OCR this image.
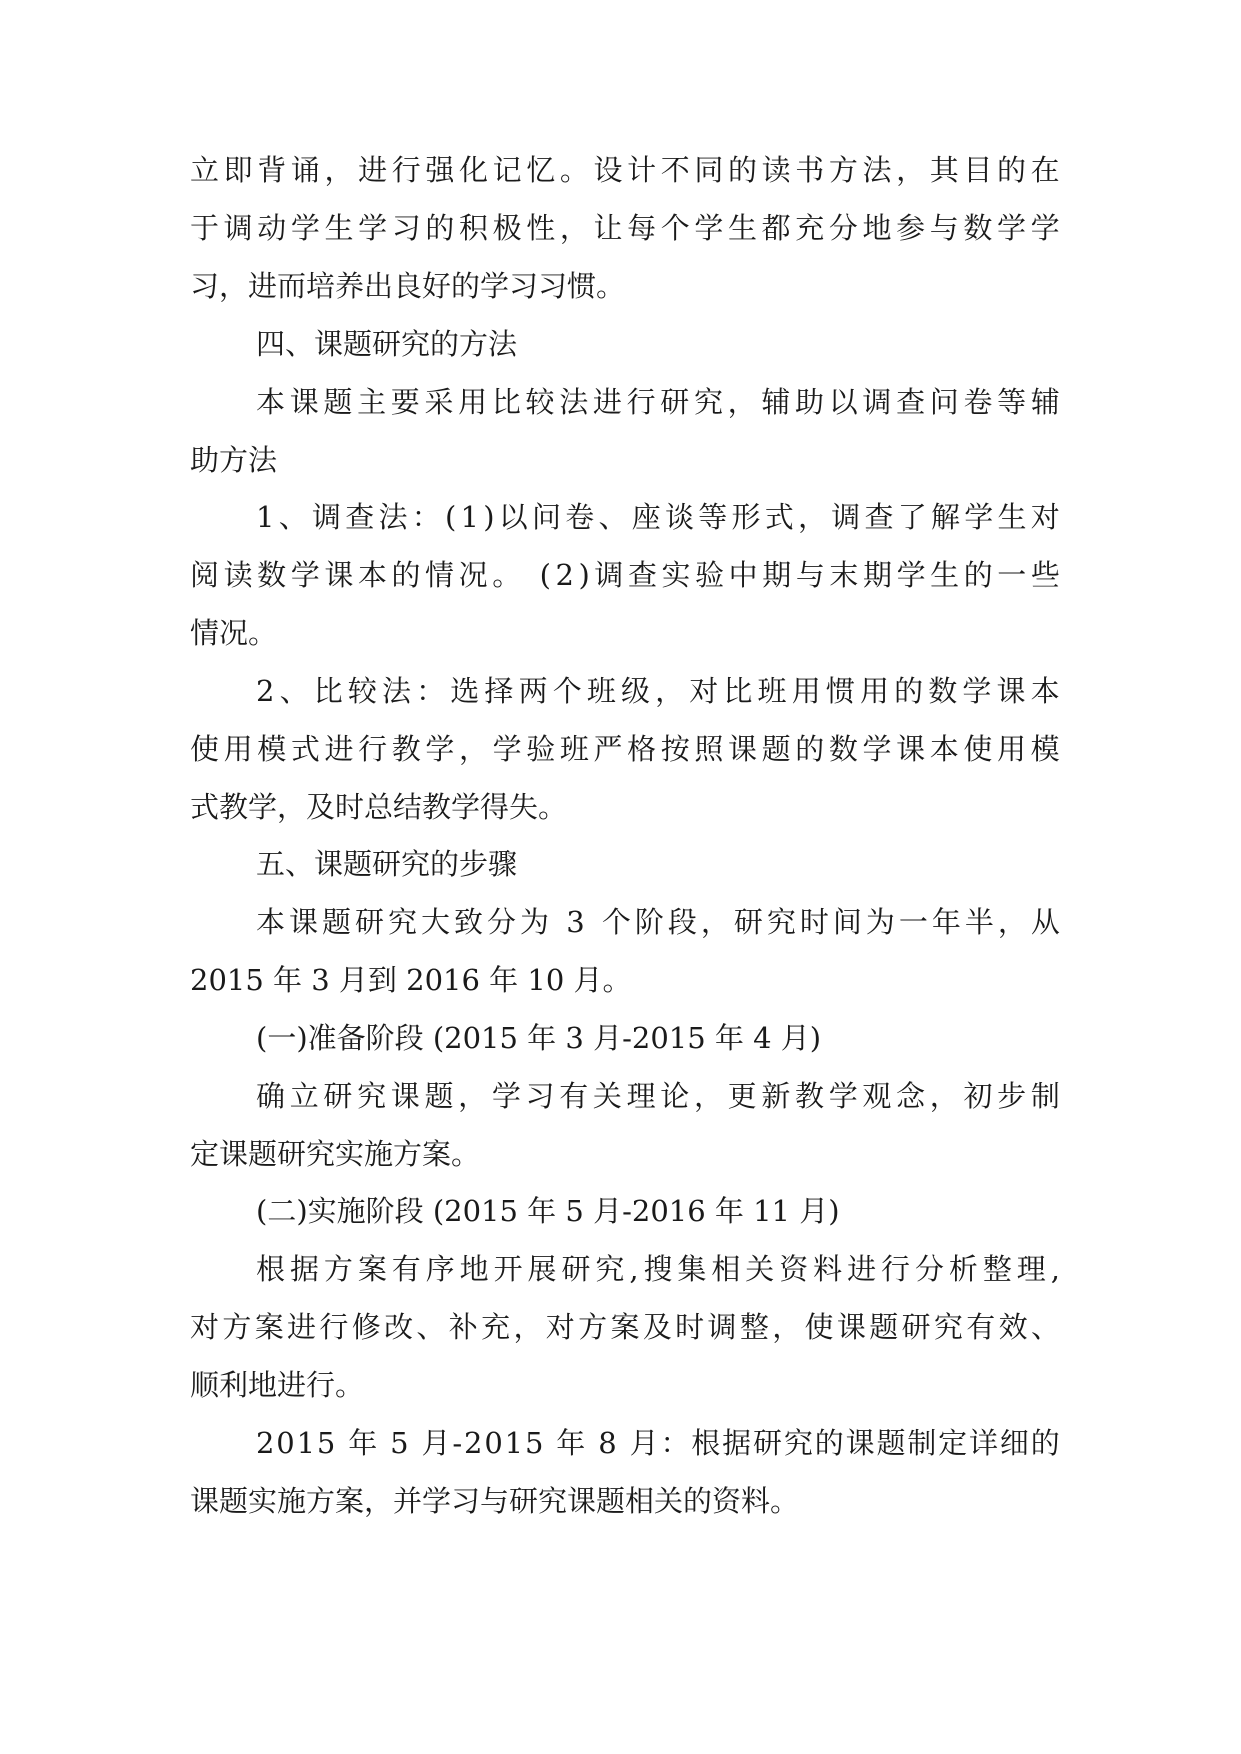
立 即 背 诵 ， 进 行 强 化 记 忆 。 设 计 不 同 的 读 书 方 法 ， 其 目 的 在
于 调 动 学 生 学 习 的 积 极 性 ， 让 每 个 学 生 都 充 分 地 参 与 数 学 学
习，进而培养出良好的学习习惯。
四、课题研究的方法
本 课 题 主 要 采 用 比 较 法 进 行 研 究 ， 辅 助 以 调 查 问 卷 等 辅
助方法
1 、 调 查 法 ： ( 1 ) 以 问 卷 、 座 谈 等 形 式 ， 调 查 了 解 学 生 对
阅 读 数 学 课 本 的 情 况 。
( 2 ) 调 查 实 验 中 期 与 末 期 学 生 的 一 些
情况。
2 、 比 较 法 ： 选 择 两 个 班 级 ， 对 比 班 用 惯 用 的 数 学 课 本
使 用 模 式 进 行 教 学 ， 学 验 班 严 格 按 照 课 题 的 数 学 课 本 使 用 模
式教学，及时总结教学得失。
五、课题研究的步骤
本 课 题 研 究 大 致 分 为
3
个 阶 段 ， 研 究 时 间 为 一 年 半 ， 从
2015 年 3 月到 2016 年 10 月。
(一)准备阶段 (2015 年 3 月-2015 年 4 月)
确 立 研 究 课 题 ， 学 习 有 关 理 论 ， 更 新 教 学 观 念 ， 初 步 制
定课题研究实施方案。
(二)实施阶段 (2015 年 5 月-2016 年 11 月)
根 据 方 案 有 序 地 开 展 研 究 , 搜 集 相 关 资 料 进 行 分 析 整 理 ,
对 方 案 进 行 修 改 、 补 充 ， 对 方 案 及 时 调 整 ， 使 课 题 研 究 有 效 、
顺利地进行。
2 0 1 5
年
5
月 - 2 0 1 5
年
8
月 ： 根 据 研 究 的 课 题 制 定 详 细 的
课题实施方案，并学习与研究课题相关的资料。
